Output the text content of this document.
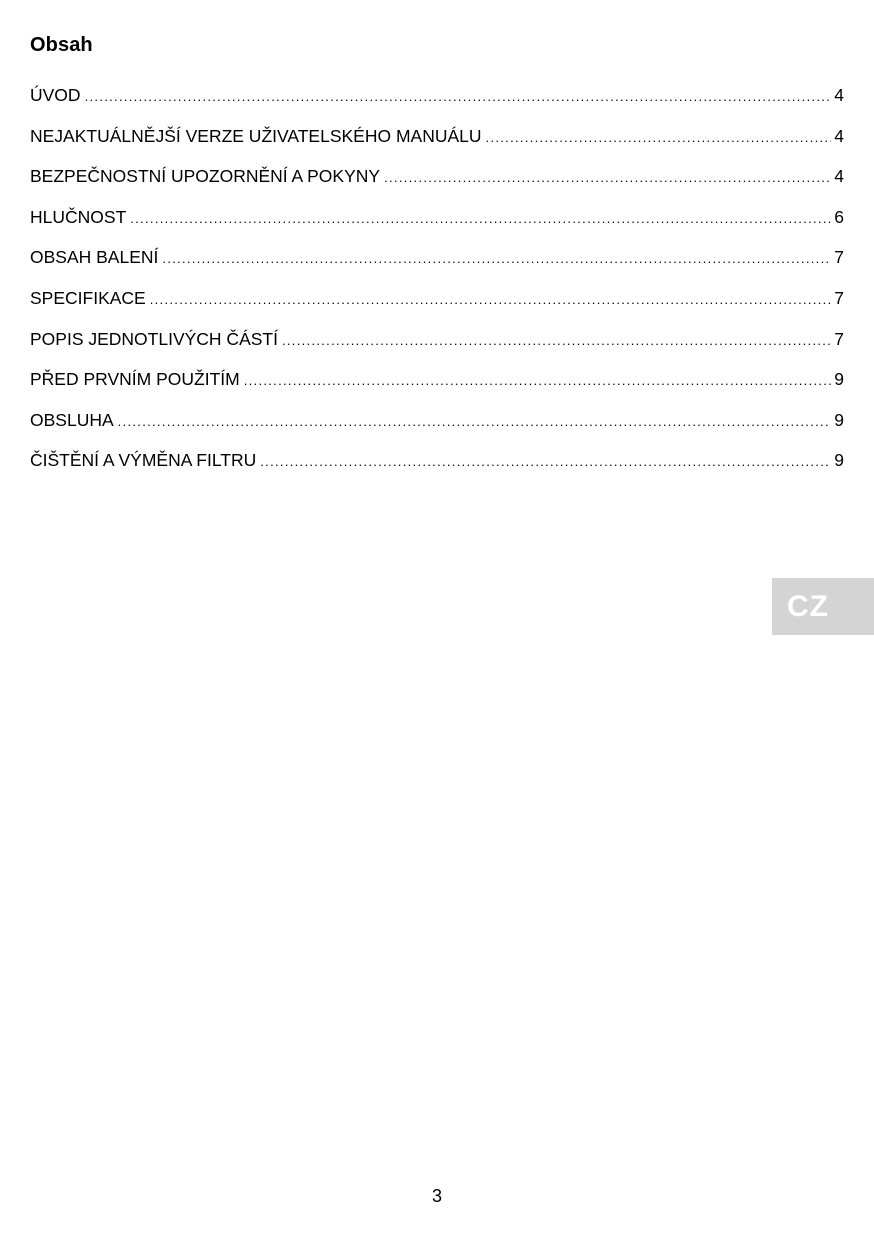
Obsah
ÚVOD .....	4
NEJAKTUÁLNĚJŠÍ VERZE UŽIVATELSKÉHO MANUÁLU .....	4
BEZPEČNOSTNÍ UPOZORNĚNÍ A POKYNY .....	4
HLUČNOST .....	6
OBSAH BALENÍ .....	7
SPECIFIKACE .....	7
POPIS JEDNOTLIVÝCH ČÁSTÍ .....	7
PŘED PRVNÍM POUŽITÍM .....	9
OBSLUHA .....	9
ČIŠTĚNÍ A VÝMĚNA FILTRU .....	9
CZ
3
